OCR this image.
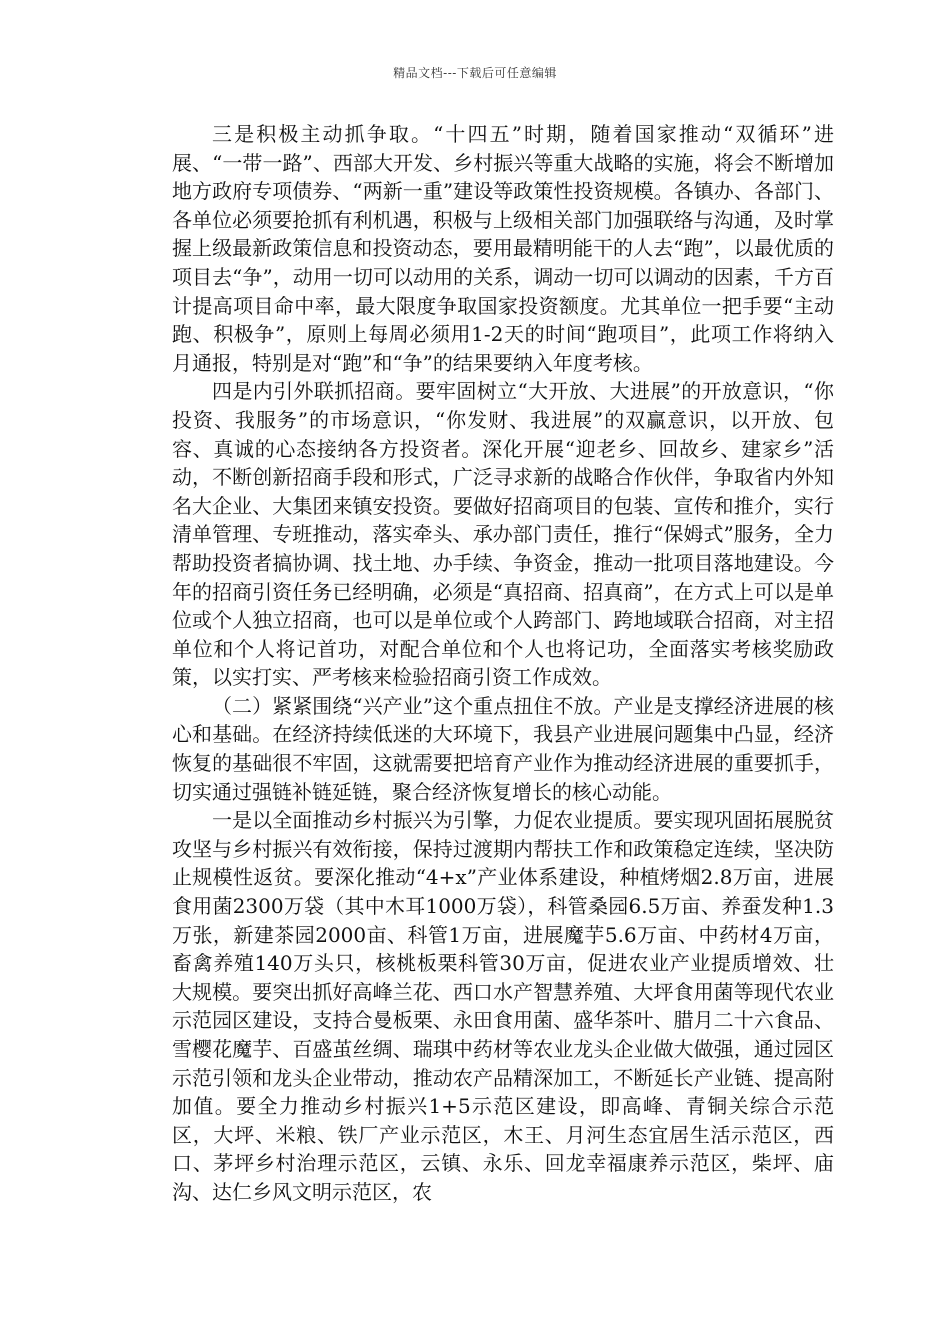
精品文档---下载后可任意编辑

三是积极主动抓争取。“十四五”时期，随着国家推动“双循环”进展、“一带一路”、西部大开发、乡村振兴等重大战略的实施，将会不断增加地方政府专项债券、“两新一重”建设等政策性投资规模。各镇办、各部门、各单位必须要抢抓有利机遇，积极与上级相关部门加强联络与沟通，及时掌握上级最新政策信息和投资动态，要用最精明能干的人去“跑”，以最优质的项目去“争”，动用一切可以动用的关系，调动一切可以调动的因素，千方百计提高项目命中率，最大限度争取国家投资额度。尤其单位一把手要“主动跑、积极争”，原则上每周必须用1-2天的时间“跑项目”，此项工作将纳入月通报，特别是对“跑”和“争”的结果要纳入年度考核。

四是内引外联抓招商。要牢固树立“大开放、大进展”的开放意识，“你投资、我服务”的市场意识，“你发财、我进展”的双赢意识，以开放、包容、真诚的心态接纳各方投资者。深化开展“迎老乡、回故乡、建家乡”活动，不断创新招商手段和形式，广泛寻求新的战略合作伙伴，争取省内外知名大企业、大集团来镇安投资。要做好招商项目的包装、宣传和推介，实行清单管理、专班推动，落实牵头、承办部门责任，推行“保姆式”服务，全力帮助投资者搞协调、找土地、办手续、争资金，推动一批项目落地建设。今年的招商引资任务已经明确，必须是“真招商、招真商”，在方式上可以是单位或个人独立招商，也可以是单位或个人跨部门、跨地域联合招商，对主招单位和个人将记首功，对配合单位和个人也将记功，全面落实考核奖励政策，以实打实、严考核来检验招商引资工作成效。

（二）紧紧围绕“兴产业”这个重点扭住不放。产业是支撑经济进展的核心和基础。在经济持续低迷的大环境下，我县产业进展问题集中凸显，经济恢复的基础很不牢固，这就需要把培育产业作为推动经济进展的重要抓手，切实通过强链补链延链，聚合经济恢复增长的核心动能。

一是以全面推动乡村振兴为引擎，力促农业提质。要实现巩固拓展脱贫攻坚与乡村振兴有效衔接，保持过渡期内帮扶工作和政策稳定连续，坚决防止规模性返贫。要深化推动“4+x”产业体系建设，种植烤烟2.8万亩，进展食用菌2300万袋（其中木耳1000万袋），科管桑园6.5万亩、养蚕发种1.3万张，新建茶园2000亩、科管1万亩，进展魔芋5.6万亩、中药材4万亩，畜禽养殖140万头只，核桃板栗科管30万亩，促进农业产业提质增效、壮大规模。要突出抓好高峰兰花、西口水产智慧养殖、大坪食用菌等现代农业示范园区建设，支持合曼板栗、永田食用菌、盛华茶叶、腊月二十六食品、雪樱花魔芋、百盛茧丝绸、瑞琪中药材等农业龙头企业做大做强，通过园区示范引领和龙头企业带动，推动农产品精深加工，不断延长产业链、提高附加值。要全力推动乡村振兴1+5示范区建设，即高峰、青铜关综合示范区，大坪、米粮、铁厂产业示范区，木王、月河生态宜居生活示范区，西口、茅坪乡村治理示范区，云镇、永乐、回龙幸福康养示范区，柴坪、庙沟、达仁乡风文明示范区，农
